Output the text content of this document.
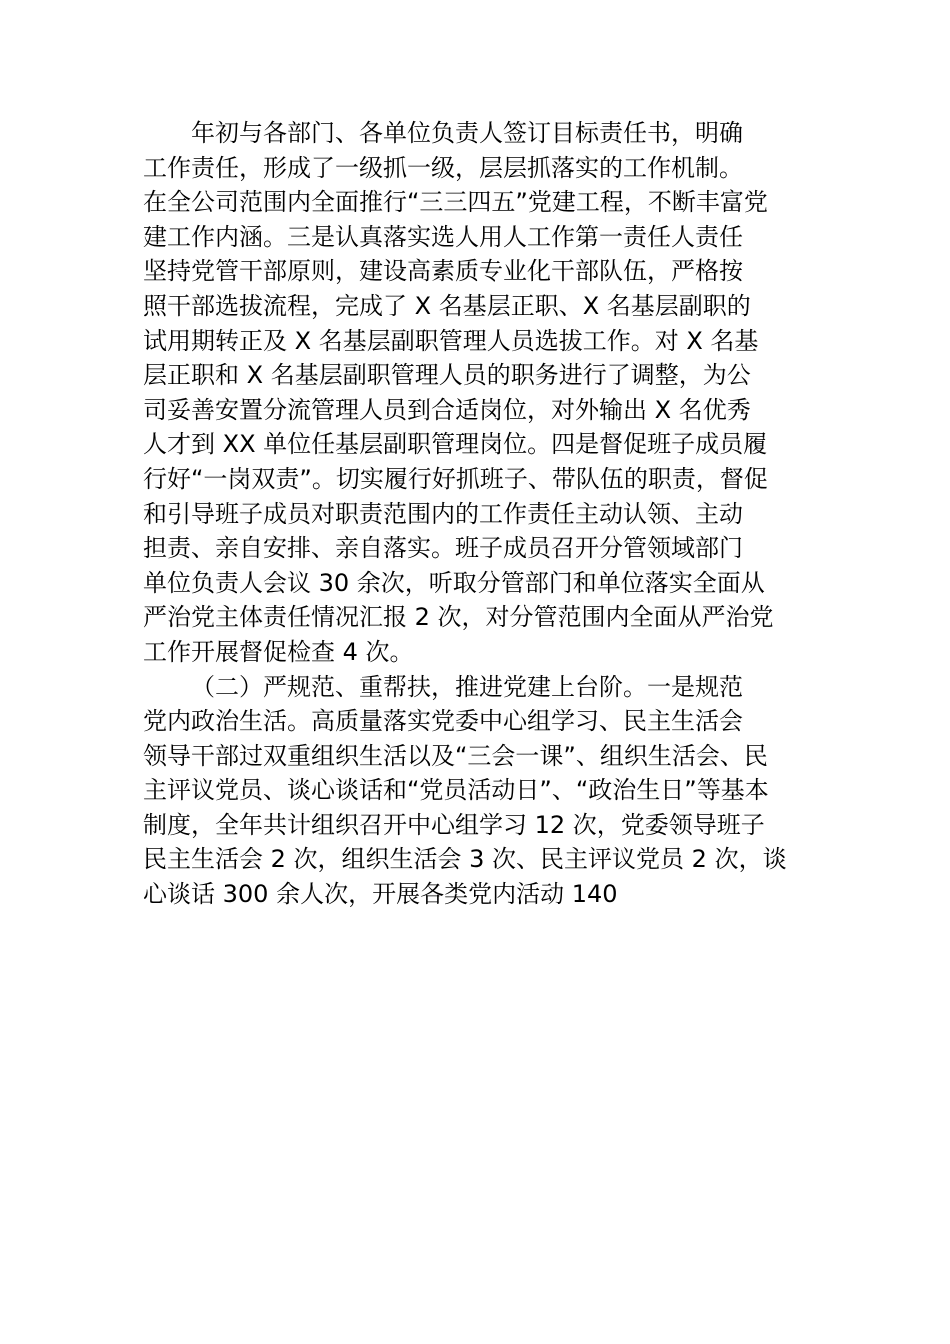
年初与各部门、各单位负责人签订目标责任书，明确
工作责任，形成了一级抓一级，层层抓落实的工作机制。
在全公司范围内全面推行“三三四五”党建工程，不断丰富党
建工作内涵。三是认真落实选人用人工作第一责任人责任
坚持党管干部原则，建设高素质专业化干部队伍，严格按
照干部选拔流程，完成了 X 名基层正职、X 名基层副职的
试用期转正及 X 名基层副职管理人员选拔工作。对 X 名基
层正职和 X 名基层副职管理人员的职务进行了调整，为公
司妥善安置分流管理人员到合适岗位，对外输出 X 名优秀
人才到 XX 单位任基层副职管理岗位。四是督促班子成员履
行好“一岗双责”。切实履行好抓班子、带队伍的职责，督促
和引导班子成员对职责范围内的工作责任主动认领、主动
担责、亲自安排、亲自落实。班子成员召开分管领域部门
单位负责人会议 30 余次，听取分管部门和单位落实全面从
严治党主体责任情况汇报 2 次，对分管范围内全面从严治党
工作开展督促检查 4 次。
（二）严规范、重帮扶，推进党建上台阶。一是规范
党内政治生活。高质量落实党委中心组学习、民主生活会
领导干部过双重组织生活以及“三会一课”、组织生活会、民
主评议党员、谈心谈话和“党员活动日”、“政治生日”等基本
制度，全年共计组织召开中心组学习 12 次，党委领导班子
民主生活会 2 次，组织生活会 3 次、民主评议党员 2 次，谈
心谈话 300 余人次，开展各类党内活动 140
